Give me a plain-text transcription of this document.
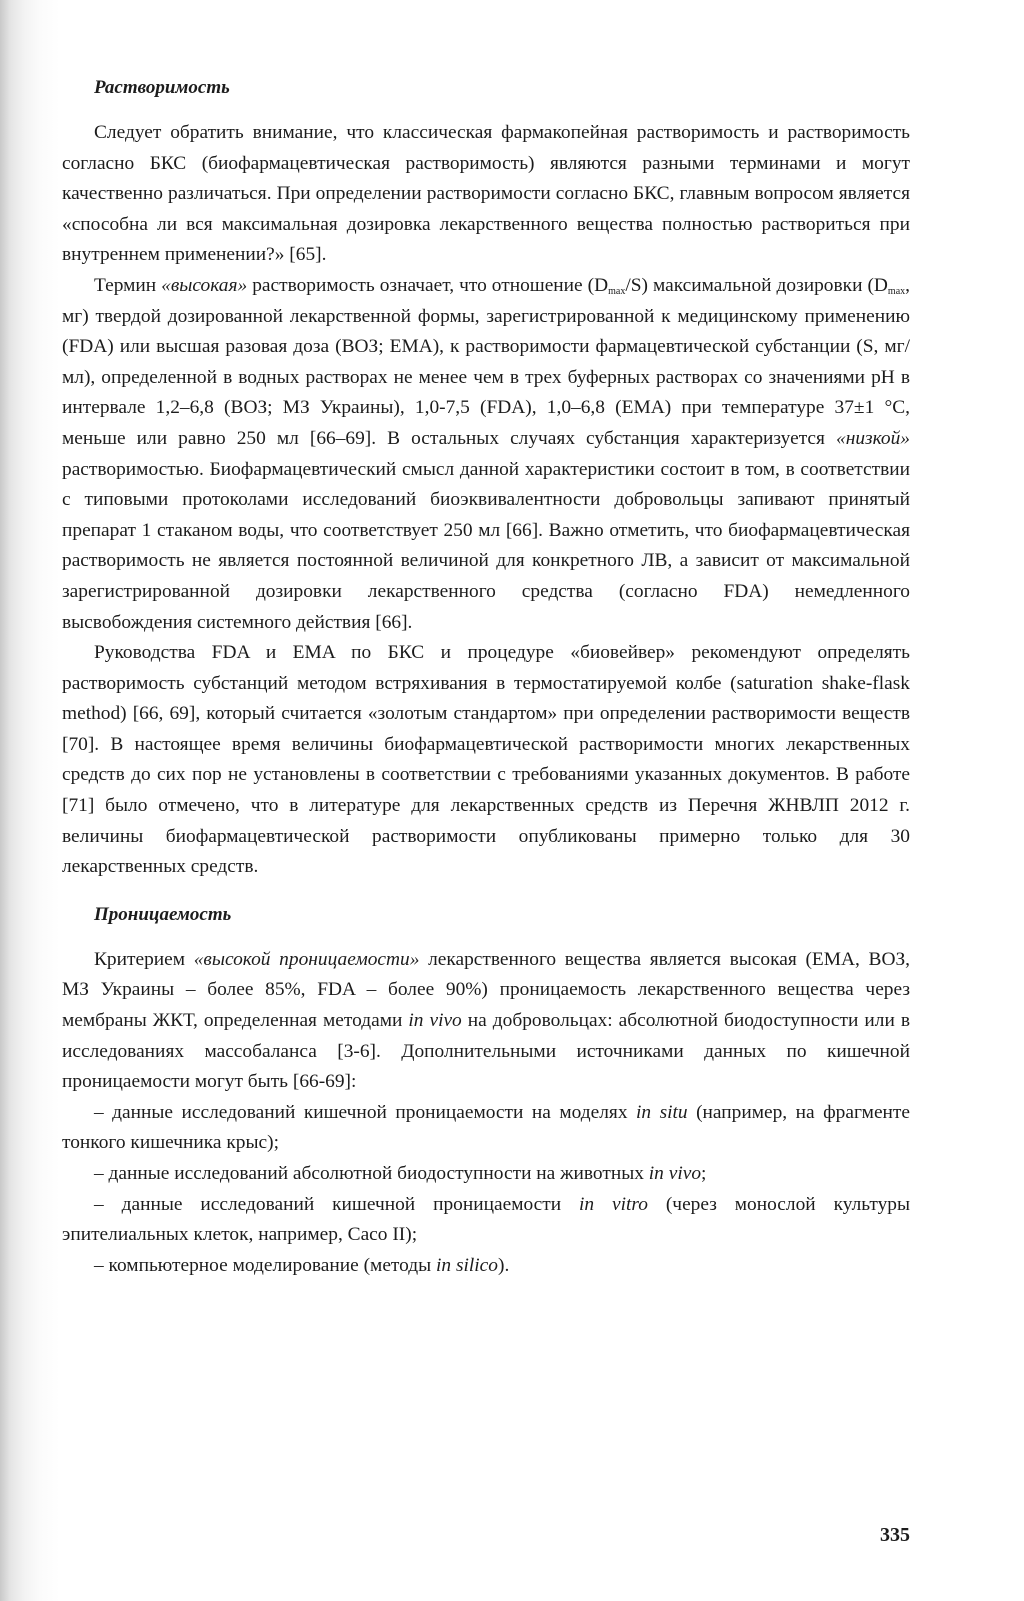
Растворимость

Следует обратить внимание, что классическая фармакопейная растворимость и растворимость согласно БКС (биофармацевтическая растворимость) являются разными терминами и могут качественно различаться. При определении растворимости согласно БКС, главным вопросом является «способна ли вся максимальная дозировка лекарственного вещества полностью раствориться при внутреннем применении?» [65].

Термин «высокая» растворимость означает, что отношение $(D_{max}/S)$ максимальной дозировки ($D_{max}$, мг) твердой дозированной лекарственной формы, зарегистрированной к медицинскому применению (FDA) или высшая разовая доза (ВОЗ; EMA), к растворимости фармацевтической субстанции (S, мг/мл), определенной в водных растворах не менее чем в трех буферных растворах со значениями рН в интервале 1,2–6,8 (ВОЗ; МЗ Украины), 1,0-7,5 (FDA), 1,0–6,8 (ЕМА) при температуре 37±1 °С, меньше или равно 250 мл [66–69]. В остальных случаях субстанция характеризуется «низкой» растворимостью. Биофармацевтический смысл данной характеристики состоит в том, в соответствии с типовыми протоколами исследований биоэквивалентности добровольцы запивают принятый препарат 1 стаканом воды, что соответствует 250 мл [66]. Важно отметить, что биофармацевтическая растворимость не является постоянной величиной для конкретного ЛВ, а зависит от максимальной зарегистрированной дозировки лекарственного средства (согласно FDA) немедленного высвобождения системного действия [66].

Руководства FDA и EMA по БКС и процедуре «биовейвер» рекомендуют определять растворимость субстанций методом встряхивания в термостатируемой колбе (saturation shake-flask method) [66, 69], который считается «золотым стандартом» при определении растворимости веществ [70]. В настоящее время величины биофармацевтической растворимости многих лекарственных средств до сих пор не установлены в соответствии с требованиями указанных документов. В работе [71] было отмечено, что в литературе для лекарственных средств из Перечня ЖНВЛП 2012 г. величины биофармацевтической растворимости опубликованы примерно только для 30 лекарственных средств.

Проницаемость

Критерием «высокой проницаемости» лекарственного вещества является высокая (ЕМА, ВОЗ, МЗ Украины – более 85%, FDA – более 90%) проницаемость лекарственного вещества через мембраны ЖКТ, определенная методами in vivo на добровольцах: абсолютной биодоступности или в исследованиях массобаланса [3-6]. Дополнительными источниками данных по кишечной проницаемости могут быть [66-69]:

– данные исследований кишечной проницаемости на моделях in situ (например, на фрагменте тонкого кишечника крыс);

– данные исследований абсолютной биодоступности на животных in vivo;

– данные исследований кишечной проницаемости in vitro (через монослой культуры эпителиальных клеток, например, Caco II);

– компьютерное моделирование (методы in silico).

335
